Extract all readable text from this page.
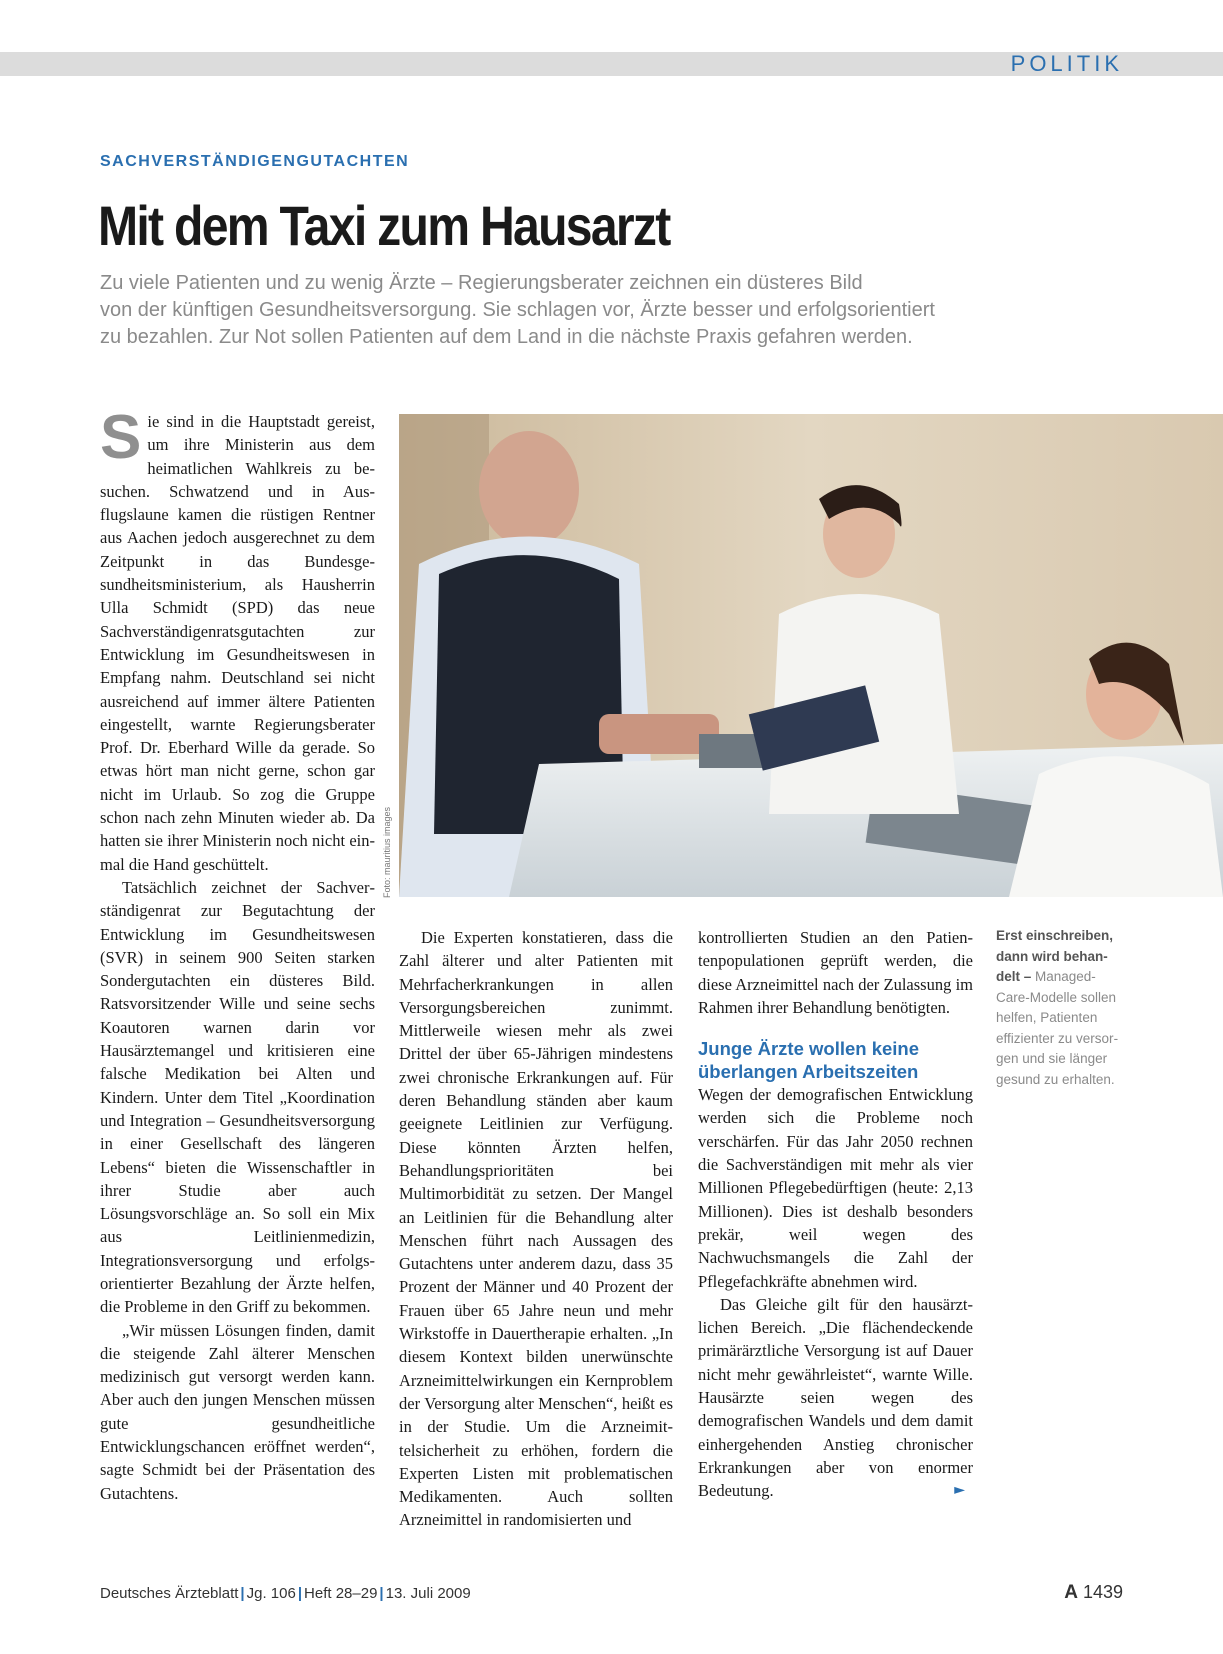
POLITIK
SACHVERSTÄNDIGENGUTACHTEN
Mit dem Taxi zum Hausarzt

Zu viele Patienten und zu wenig Ärzte – Regierungsberater zeichnen ein düsteres Bild

von der künftigen Gesundheitsversorgung. Sie schlagen vor, Ärzte besser und erfolgsorientiert

zu bezahlen. Zur Not sollen Patienten auf dem Land in die nächste Praxis gefahren werden.

Sie sind in die Hauptstadt gereist, um ihre Ministerin aus dem heimatlichen Wahlkreis zu besuchen. Schwatzend und in Ausflugslaune kamen die rüstigen Rentner aus Aachen jedoch ausgerechnet zu dem Zeitpunkt in das Bundesgesundheitsministerium, als Hausherrin Ulla Schmidt (SPD) das neue Sachverständigenratsgutachten zur Entwicklung im Gesundheitswesen in Empfang nahm. Deutschland sei nicht ausreichend auf immer ältere Patienten eingestellt, warnte Regierungsberater Prof. Dr. Eberhard Wille da gerade. So etwas hört man nicht gerne, schon gar nicht im Urlaub. So zog die Gruppe schon nach zehn Minuten wieder ab. Da hatten sie ihrer Ministerin noch nicht einmal die Hand geschüttelt.

Tatsächlich zeichnet der Sachverständigenrat zur Begutachtung der Entwicklung im Gesundheitswesen (SVR) in seinem 900 Seiten starken Sondergutachten ein düsteres Bild. Ratsvorsitzender Wille und seine sechs Koautoren warnen darin vor Hausärztemangel und kritisieren eine falsche Medikation bei Alten und Kindern. Unter dem Titel „Koordination und Integration – Gesundheitsversorgung in einer Gesellschaft des längeren Lebens“ bieten die Wissenschaftler in ihrer Studie aber auch Lösungsvorschläge an. So soll ein Mix aus Leitlinienmedizin, Integrationsversorgung und erfolgsorientierter Bezahlung der Ärzte helfen, die Probleme in den Griff zu bekommen.

„Wir müssen Lösungen finden, damit die steigende Zahl älterer Menschen medizinisch gut versorgt werden kann. Aber auch den jungen Menschen müssen gute gesundheitliche Entwicklungschancen eröffnet werden“, sagte Schmidt bei der Präsentation des Gutachtens.

Foto: mauritius images

Die Experten konstatieren, dass die Zahl älterer und alter Patienten mit Mehrfacherkrankungen in allen Versorgungsbereichen zunimmt. Mittlerweile wiesen mehr als zwei Drittel der über 65-Jährigen mindestens zwei chronische Erkrankungen auf. Für deren Behandlung ständen aber kaum geeignete Leitlinien zur Verfügung. Diese könnten Ärzten helfen, Behandlungsprioritäten bei Multimorbidität zu setzen. Der Mangel an Leitlinien für die Behandlung alter Menschen führt nach Aussagen des Gutachtens unter anderem dazu, dass 35 Prozent der Männer und 40 Prozent der Frauen über 65 Jahre neun und mehr Wirkstoffe in Dauertherapie erhalten. „In diesem Kontext bilden unerwünschte Arzneimittelwirkungen ein Kernproblem der Versorgung alter Menschen“, heißt es in der Studie. Um die Arzneimittelsicherheit zu erhöhen, fordern die Experten Listen mit problematischen Medikamenten. Auch sollten Arzneimittel in randomisierten und

kontrollierten Studien an den Patientenpopulationen geprüft werden, die diese Arzneimittel nach der Zulassung im Rahmen ihrer Behandlung benötigten.

Junge Ärzte wollen keine überlangen Arbeitszeiten

Wegen der demografischen Entwicklung werden sich die Probleme noch verschärfen. Für das Jahr 2050 rechnen die Sachverständigen mit mehr als vier Millionen Pflegebedürftigen (heute: 2,13 Millionen). Dies ist deshalb besonders prekär, weil wegen des Nachwuchsmangels die Zahl der Pflegefachkräfte abnehmen wird.

Das Gleiche gilt für den hausärztlichen Bereich. „Die flächendeckende primärärztliche Versorgung ist auf Dauer nicht mehr gewährleistet“, warnte Wille. Hausärzte seien wegen des demografischen Wandels und dem damit einhergehenden Anstieg chronischer Erkrankungen aber von enormer Bedeutung.	►

Erst einschreiben, dann wird behandelt – Managed-Care-Modelle sollen helfen, Patienten effizienter zu versorgen und sie länger gesund zu erhalten.
Deutsches Ärzteblatt | Jg. 106 | Heft 28–29 | 13. Juli 2009	A 1439
